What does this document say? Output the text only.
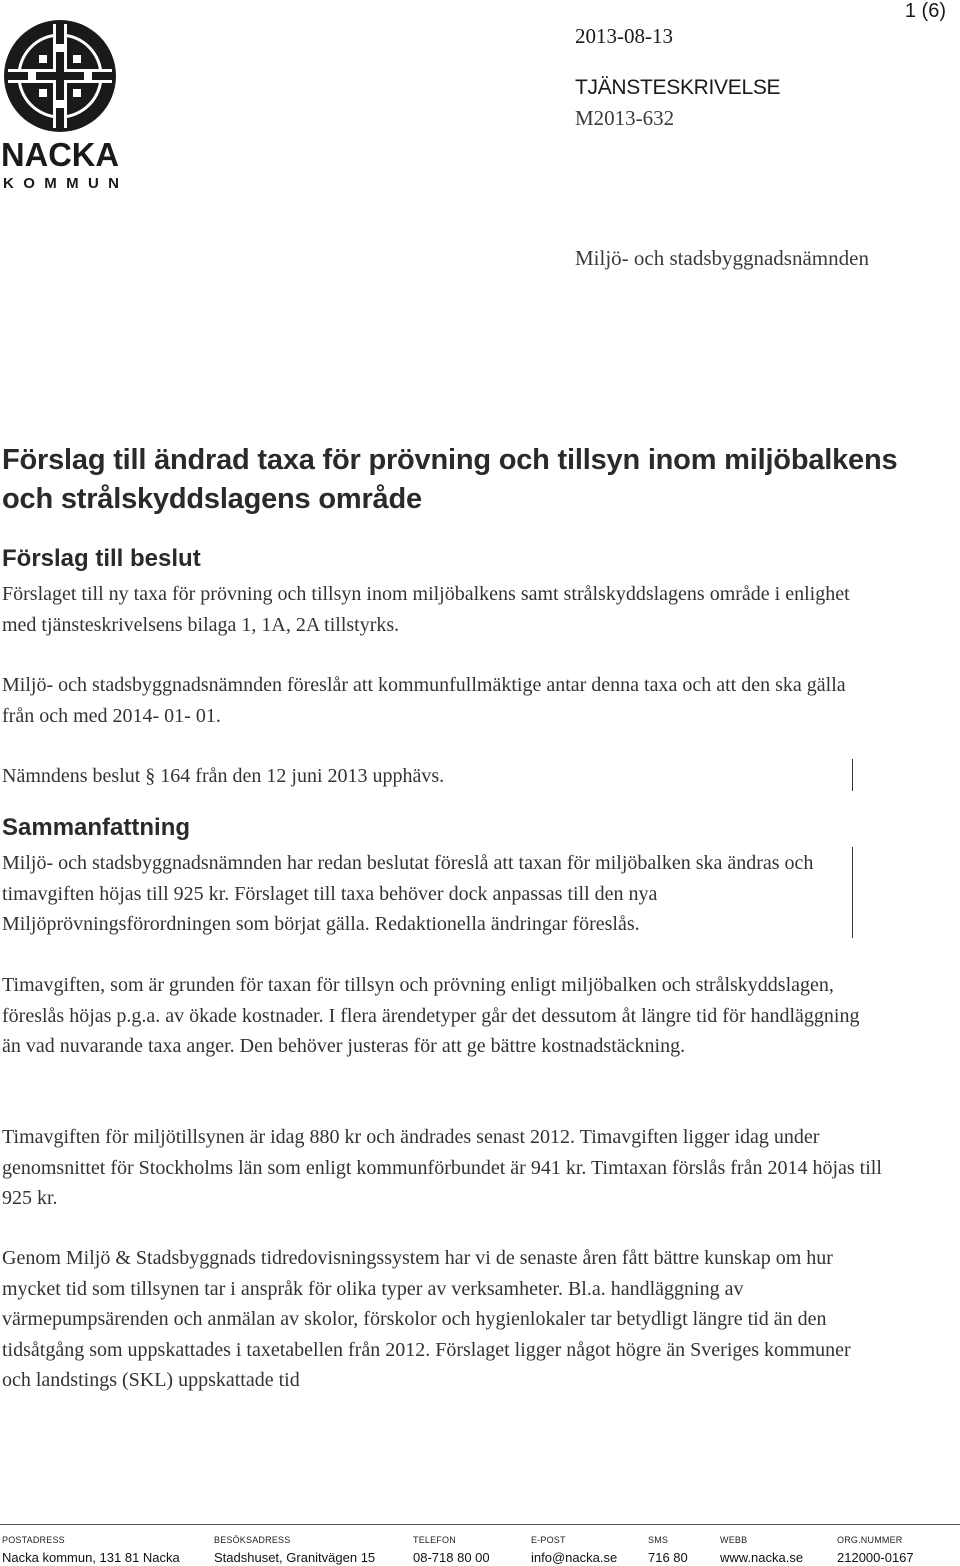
NACKA
KOMMUN
1 (6)
2013-08-13
TJÄNSTESKRIVELSE
M2013-632
Miljö- och stadsbyggnadsnämnden
Förslag till ändrad taxa för prövning och tillsyn inom miljöbalkens och strålskyddslagens område
Förslag till beslut

Förslaget till ny taxa för prövning och tillsyn inom miljöbalkens samt strålskyddslagens område i enlighet med tjänsteskrivelsens bilaga 1, 1A, 2A tillstyrks.

Miljö- och stadsbyggnadsnämnden föreslår att kommunfullmäktige antar denna taxa och att den ska gälla från och med 2014- 01- 01.

Nämndens beslut § 164 från den 12 juni 2013 upphävs.

Sammanfattning

Miljö- och stadsbyggnadsnämnden har redan beslutat föreslå att taxan för miljöbalken ska ändras och timavgiften höjas till 925 kr. Förslaget till taxa behöver dock anpassas till den nya Miljöprövningsförordningen som börjat gälla. Redaktionella ändringar föreslås.

Timavgiften, som är grunden för taxan för tillsyn och prövning enligt miljöbalken och strålskyddslagen, föreslås höjas p.g.a. av ökade kostnader. I flera ärendetyper går det dessutom åt längre tid för handläggning än vad nuvarande taxa anger. Den behöver justeras för att ge bättre kostnadstäckning.

Timavgiften för miljötillsynen är idag 880 kr och ändrades senast 2012. Timavgiften ligger idag under genomsnittet för Stockholms län som enligt kommunförbundet är 941 kr. Timtaxan förslås från 2014 höjas till 925 kr.

Genom Miljö & Stadsbyggnads tidredovisningssystem har vi de senaste åren fått bättre kunskap om hur mycket tid som tillsynen tar i anspråk för olika typer av verksamheter. Bl.a. handläggning av värmepumpsärenden och anmälan av skolor, förskolor och hygienlokaler tar betydligt längre tid än den tidsåtgång som uppskattades i taxetabellen från 2012. Förslaget ligger något högre än Sveriges kommuner och landstings (SKL) uppskattade tid

POSTADRESS
Nacka kommun, 131 81 Nacka
BESÖKSADRESS
Stadshuset, Granitvägen 15
TELEFON
08-718 80 00
E-POST
info@nacka.se
SMS
716 80
WEBB
www.nacka.se
ORG.NUMMER
212000-0167
